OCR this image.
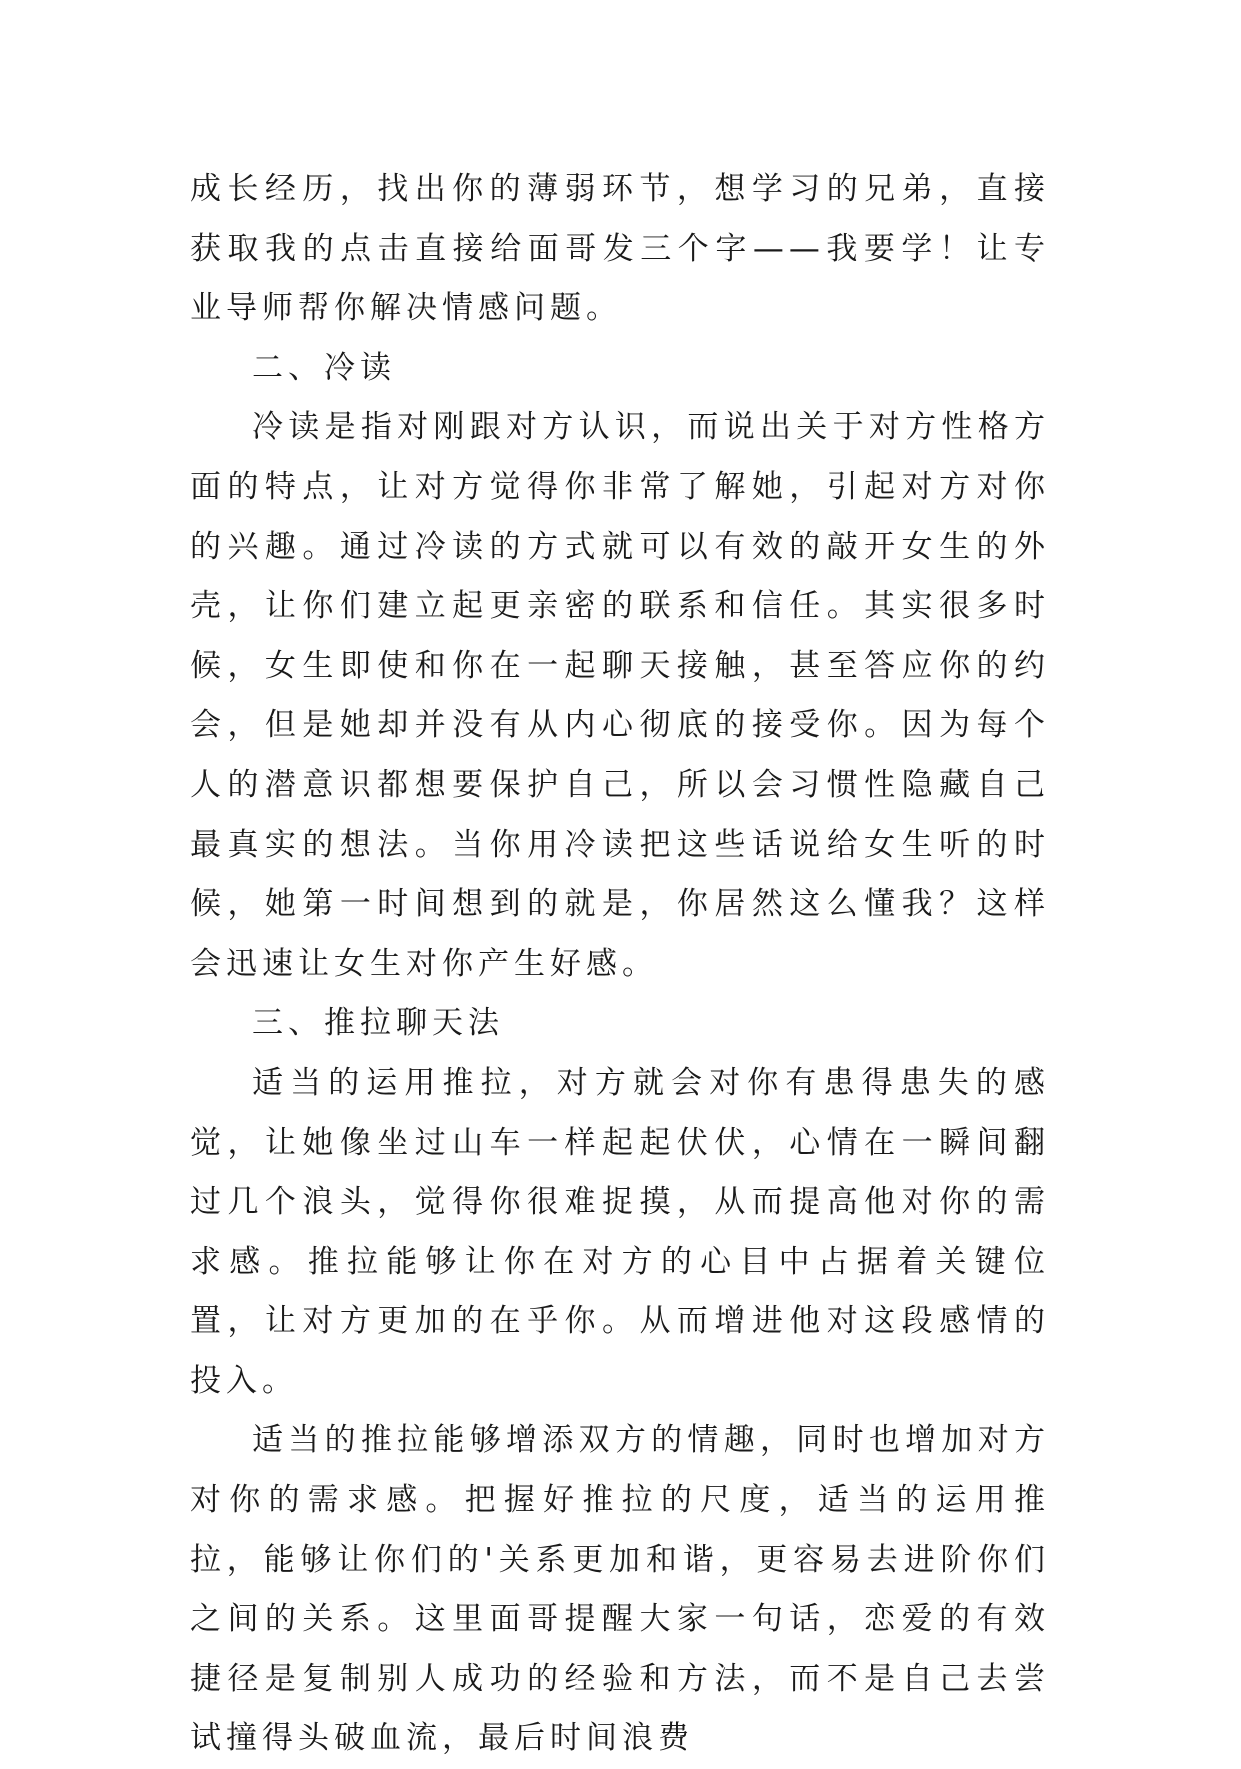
成长经历，找出你的薄弱环节，想学习的兄弟，直接获取我的点击直接给面哥发三个字——我要学！让专业导师帮你解决情感问题。

二、冷读

冷读是指对刚跟对方认识，而说出关于对方性格方面的特点，让对方觉得你非常了解她，引起对方对你的兴趣。通过冷读的方式就可以有效的敲开女生的外壳，让你们建立起更亲密的联系和信任。其实很多时候，女生即使和你在一起聊天接触，甚至答应你的约会，但是她却并没有从内心彻底的接受你。因为每个人的潜意识都想要保护自己，所以会习惯性隐藏自己最真实的想法。当你用冷读把这些话说给女生听的时候，她第一时间想到的就是，你居然这么懂我？这样会迅速让女生对你产生好感。

三、推拉聊天法

适当的运用推拉，对方就会对你有患得患失的感觉，让她像坐过山车一样起起伏伏，心情在一瞬间翻过几个浪头，觉得你很难捉摸，从而提高他对你的需求感。推拉能够让你在对方的心目中占据着关键位置，让对方更加的在乎你。从而增进他对这段感情的投入。

适当的推拉能够增添双方的情趣，同时也增加对方对你的需求感。把握好推拉的尺度，适当的运用推拉，能够让你们的'关系更加和谐，更容易去进阶你们之间的关系。这里面哥提醒大家一句话，恋爱的有效捷径是复制别人成功的经验和方法，而不是自己去尝试撞得头破血流，最后时间浪费
